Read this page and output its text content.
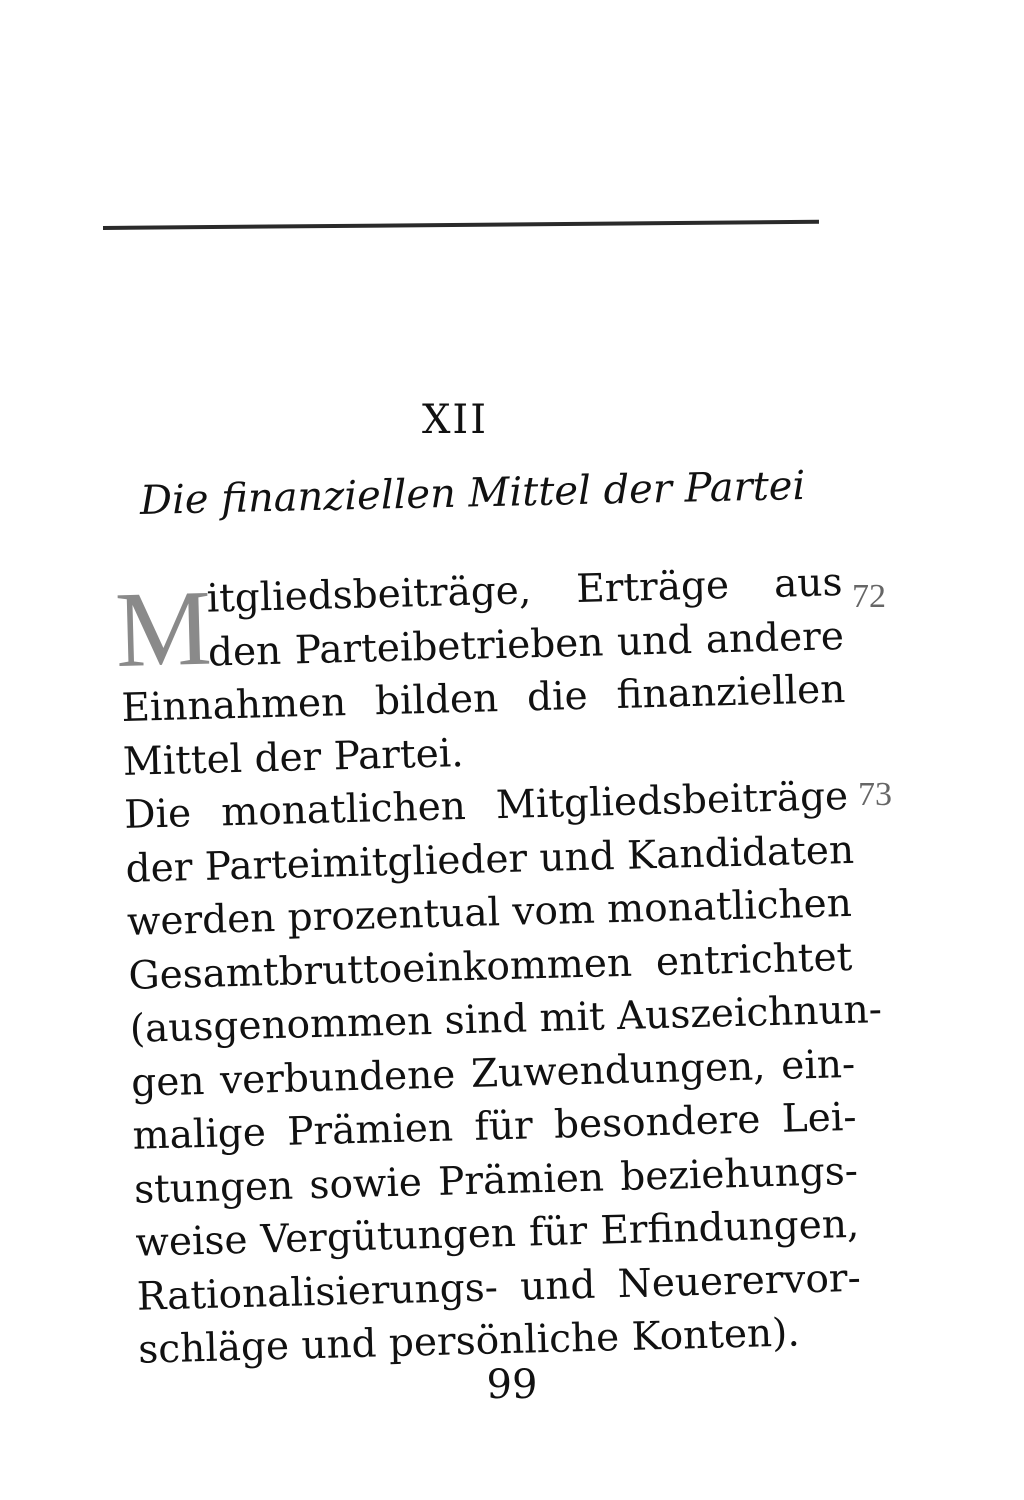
XII
Die finanziellen Mittel der Partei
72
73
M
itgliedsbeiträge, Erträge aus
den Parteibetrieben und andere
Einnahmen bilden die finanziellen
Mittel der Partei.
Die monatlichen Mitgliedsbeiträge
der Parteimitglieder und Kandidaten
werden prozentual vom monatlichen
Gesamtbruttoeinkommen entrichtet
(ausgenommen sind mit Auszeichnun-
gen verbundene Zuwendungen, ein-
malige Prämien für besondere Lei-
stungen sowie Prämien beziehungs-
weise Vergütungen für Erfindungen,
Rationalisierungs- und Neuerervor-
schläge und persönliche Konten).
99
